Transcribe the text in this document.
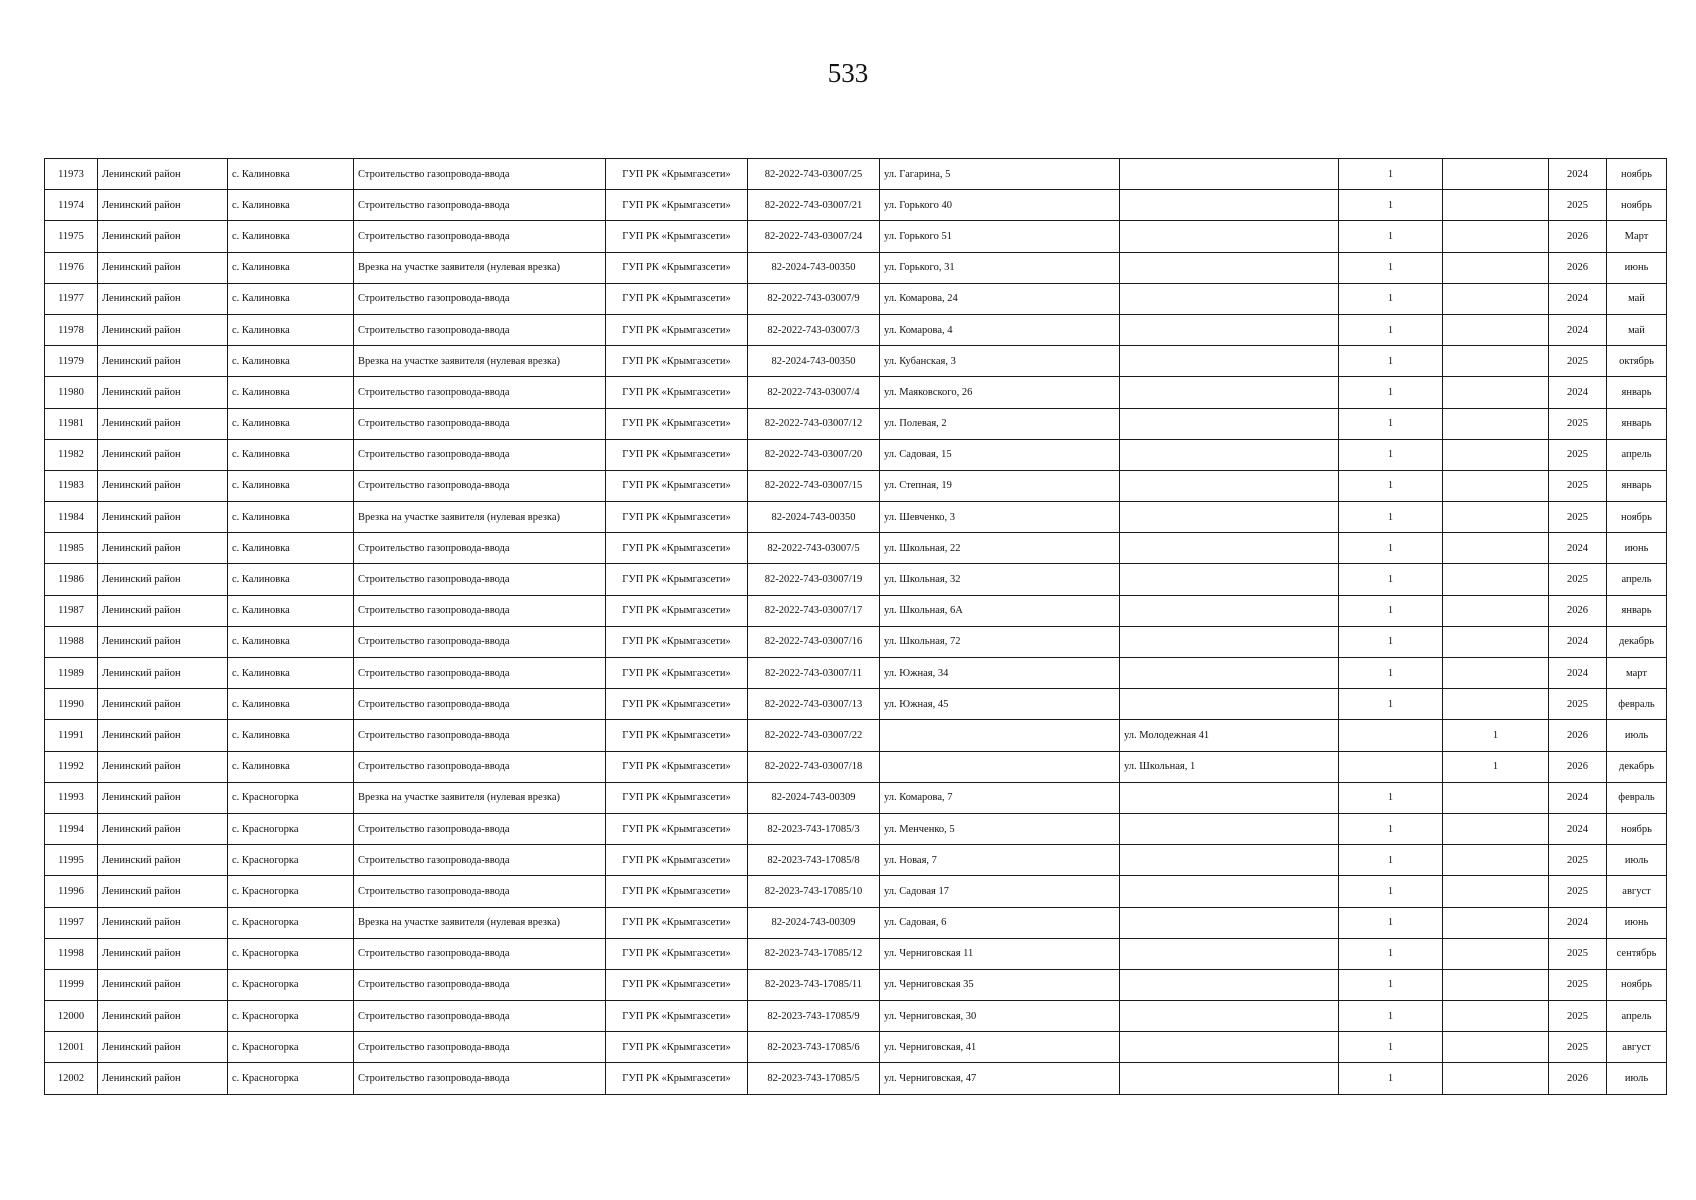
533
11973	Ленинский район	с. Калиновка	Строительство газопровода-ввода	ГУП РК «Крымгазсети»	82-2022-743-03007/25	ул. Гагарина, 5		1		2024	ноябрь
11974	Ленинский район	с. Калиновка	Строительство газопровода-ввода	ГУП РК «Крымгазсети»	82-2022-743-03007/21	ул. Горького 40		1		2025	ноябрь
11975	Ленинский район	с. Калиновка	Строительство газопровода-ввода	ГУП РК «Крымгазсети»	82-2022-743-03007/24	ул. Горького 51		1		2026	Март
11976	Ленинский район	с. Калиновка	Врезка на участке заявителя (нулевая врезка)	ГУП РК «Крымгазсети»	82-2024-743-00350	ул. Горького, 31		1		2026	июнь
11977	Ленинский район	с. Калиновка	Строительство газопровода-ввода	ГУП РК «Крымгазсети»	82-2022-743-03007/9	ул. Комарова, 24		1		2024	май
11978	Ленинский район	с. Калиновка	Строительство газопровода-ввода	ГУП РК «Крымгазсети»	82-2022-743-03007/3	ул. Комарова, 4		1		2024	май
11979	Ленинский район	с. Калиновка	Врезка на участке заявителя (нулевая врезка)	ГУП РК «Крымгазсети»	82-2024-743-00350	ул. Кубанская, 3		1		2025	октябрь
11980	Ленинский район	с. Калиновка	Строительство газопровода-ввода	ГУП РК «Крымгазсети»	82-2022-743-03007/4	ул. Маяковского, 26		1		2024	январь
11981	Ленинский район	с. Калиновка	Строительство газопровода-ввода	ГУП РК «Крымгазсети»	82-2022-743-03007/12	ул. Полевая, 2		1		2025	январь
11982	Ленинский район	с. Калиновка	Строительство газопровода-ввода	ГУП РК «Крымгазсети»	82-2022-743-03007/20	ул. Садовая, 15		1		2025	апрель
11983	Ленинский район	с. Калиновка	Строительство газопровода-ввода	ГУП РК «Крымгазсети»	82-2022-743-03007/15	ул. Степная, 19		1		2025	январь
11984	Ленинский район	с. Калиновка	Врезка на участке заявителя (нулевая врезка)	ГУП РК «Крымгазсети»	82-2024-743-00350	ул. Шевченко, 3		1		2025	ноябрь
11985	Ленинский район	с. Калиновка	Строительство газопровода-ввода	ГУП РК «Крымгазсети»	82-2022-743-03007/5	ул. Школьная, 22		1		2024	июнь
11986	Ленинский район	с. Калиновка	Строительство газопровода-ввода	ГУП РК «Крымгазсети»	82-2022-743-03007/19	ул. Школьная, 32		1		2025	апрель
11987	Ленинский район	с. Калиновка	Строительство газопровода-ввода	ГУП РК «Крымгазсети»	82-2022-743-03007/17	ул. Школьная, 6А		1		2026	январь
11988	Ленинский район	с. Калиновка	Строительство газопровода-ввода	ГУП РК «Крымгазсети»	82-2022-743-03007/16	ул. Школьная, 72		1		2024	декабрь
11989	Ленинский район	с. Калиновка	Строительство газопровода-ввода	ГУП РК «Крымгазсети»	82-2022-743-03007/11	ул. Южная, 34		1		2024	март
11990	Ленинский район	с. Калиновка	Строительство газопровода-ввода	ГУП РК «Крымгазсети»	82-2022-743-03007/13	ул. Южная, 45		1		2025	февраль
11991	Ленинский район	с. Калиновка	Строительство газопровода-ввода	ГУП РК «Крымгазсети»	82-2022-743-03007/22		ул. Молодежная 41		1	2026	июль
11992	Ленинский район	с. Калиновка	Строительство газопровода-ввода	ГУП РК «Крымгазсети»	82-2022-743-03007/18		ул. Школьная, 1		1	2026	декабрь
11993	Ленинский район	с. Красногорка	Врезка на участке заявителя (нулевая врезка)	ГУП РК «Крымгазсети»	82-2024-743-00309	ул. Комарова, 7		1		2024	февраль
11994	Ленинский район	с. Красногорка	Строительство газопровода-ввода	ГУП РК «Крымгазсети»	82-2023-743-17085/3	ул. Менченко, 5		1		2024	ноябрь
11995	Ленинский район	с. Красногорка	Строительство газопровода-ввода	ГУП РК «Крымгазсети»	82-2023-743-17085/8	ул. Новая, 7		1		2025	июль
11996	Ленинский район	с. Красногорка	Строительство газопровода-ввода	ГУП РК «Крымгазсети»	82-2023-743-17085/10	ул. Садовая 17		1		2025	август
11997	Ленинский район	с. Красногорка	Врезка на участке заявителя (нулевая врезка)	ГУП РК «Крымгазсети»	82-2024-743-00309	ул. Садовая, 6		1		2024	июнь
11998	Ленинский район	с. Красногорка	Строительство газопровода-ввода	ГУП РК «Крымгазсети»	82-2023-743-17085/12	ул. Черниговская 11		1		2025	сентябрь
11999	Ленинский район	с. Красногорка	Строительство газопровода-ввода	ГУП РК «Крымгазсети»	82-2023-743-17085/11	ул. Черниговская 35		1		2025	ноябрь
12000	Ленинский район	с. Красногорка	Строительство газопровода-ввода	ГУП РК «Крымгазсети»	82-2023-743-17085/9	ул. Черниговская, 30		1		2025	апрель
12001	Ленинский район	с. Красногорка	Строительство газопровода-ввода	ГУП РК «Крымгазсети»	82-2023-743-17085/6	ул. Черниговская, 41		1		2025	август
12002	Ленинский район	с. Красногорка	Строительство газопровода-ввода	ГУП РК «Крымгазсети»	82-2023-743-17085/5	ул. Черниговская, 47		1		2026	июль
